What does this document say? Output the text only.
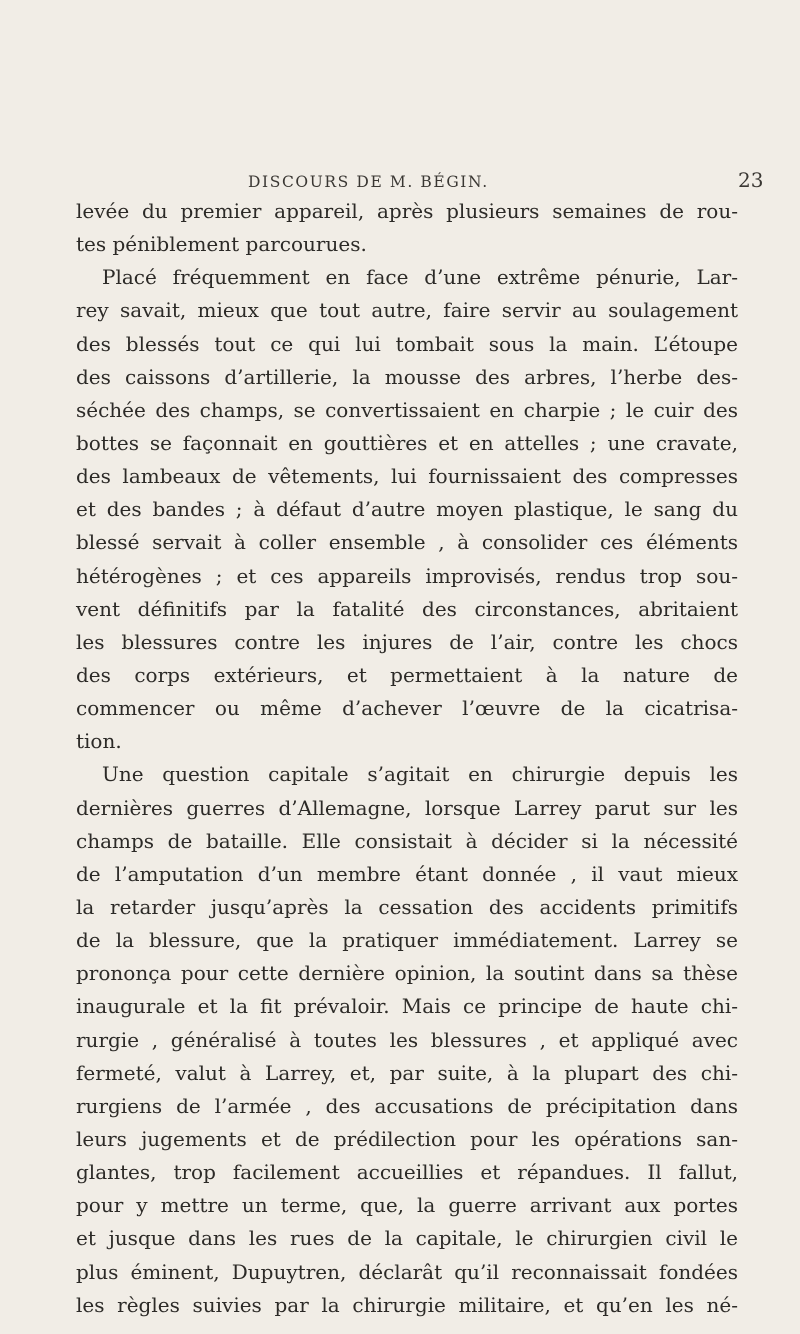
DISCOURS DE M. BÉGIN.	23
levée du premier appareil, après plusieurs semaines de rou-
tes péniblement parcourues.
Placé fréquemment en face d’une extrême pénurie, Lar-
rey savait, mieux que tout autre, faire servir au soulagement
des blessés tout ce qui lui tombait sous la main. L’étoupe
des caissons d’artillerie, la mousse des arbres, l’herbe des-
séchée des champs, se convertissaient en charpie ; le cuir des
bottes se façonnait en gouttières et en attelles ; une cravate,
des lambeaux de vêtements, lui fournissaient des compresses
et des bandes ; à défaut d’autre moyen plastique, le sang du
blessé servait à coller ensemble , à consolider ces éléments
hétérogènes ; et ces appareils improvisés, rendus trop sou-
vent définitifs par la fatalité des circonstances, abritaient
les blessures contre les injures de l’air, contre les chocs
des corps extérieurs, et permettaient à la nature de
commencer ou même d’achever l’œuvre de la cicatrisa-
tion.
Une question capitale s’agitait en chirurgie depuis les
dernières guerres d’Allemagne, lorsque Larrey parut sur les
champs de bataille. Elle consistait à décider si la nécessité
de l’amputation d’un membre étant donnée , il vaut mieux
la retarder jusqu’après la cessation des accidents primitifs
de la blessure, que la pratiquer immédiatement. Larrey se
prononça pour cette dernière opinion, la soutint dans sa thèse
inaugurale et la fit prévaloir. Mais ce principe de haute chi-
rurgie , généralisé à toutes les blessures , et appliqué avec
fermeté, valut à Larrey, et, par suite, à la plupart des chi-
rurgiens de l’armée , des accusations de précipitation dans
leurs jugements et de prédilection pour les opérations san-
glantes, trop facilement accueillies et répandues. Il fallut,
pour y mettre un terme, que, la guerre arrivant aux portes
et jusque dans les rues de la capitale, le chirurgien civil le
plus éminent, Dupuytren, déclarât qu’il reconnaissait fondées
les règles suivies par la chirurgie militaire, et qu’en les né-
